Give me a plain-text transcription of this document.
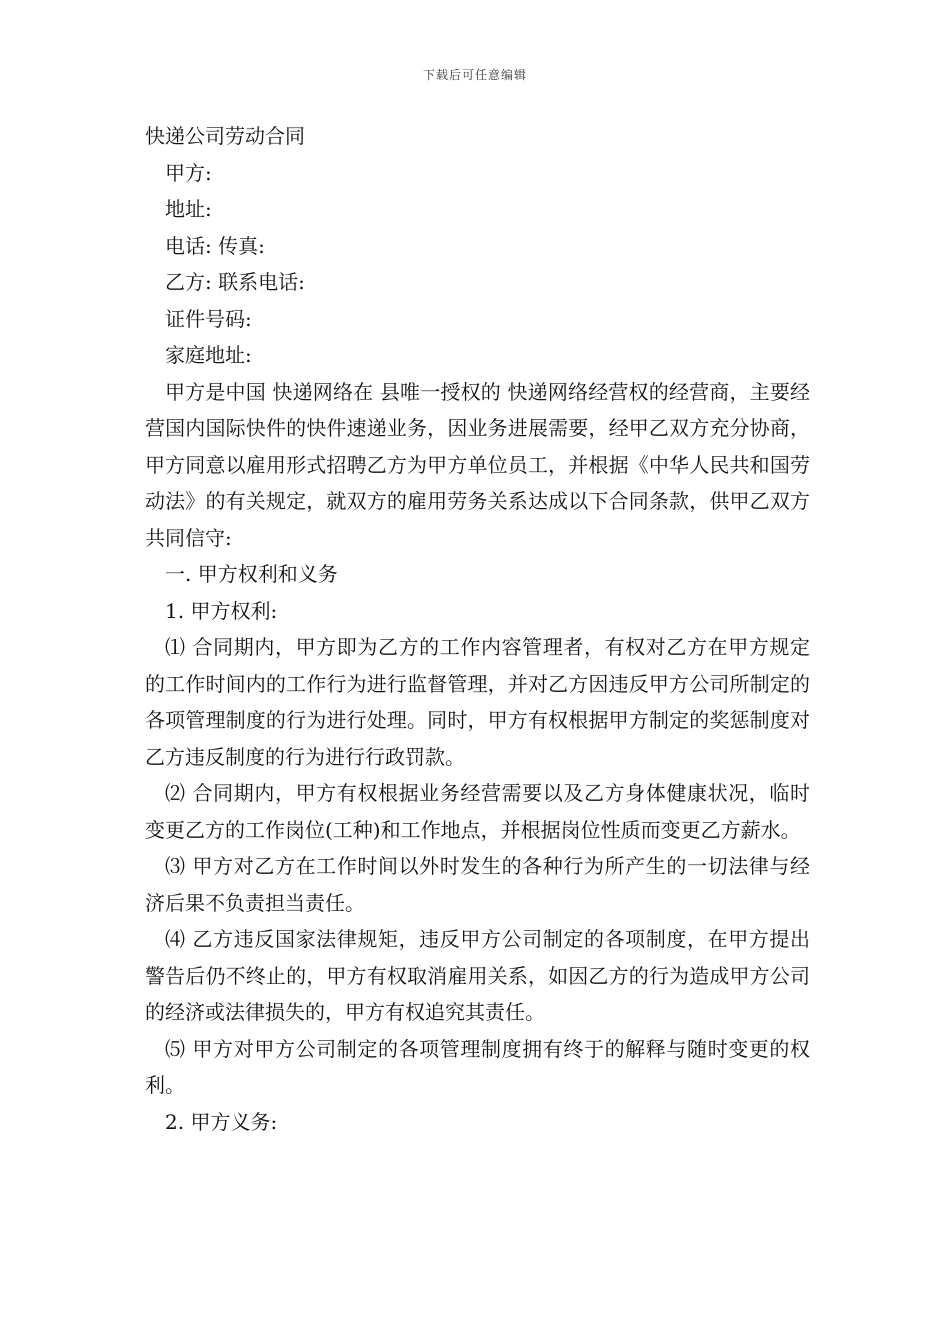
下载后可任意编辑

快递公司劳动合同

甲方:

地址:

电话: 传真:

乙方: 联系电话:

证件号码:

家庭地址:

甲方是中国 快递网络在 县唯一授权的 快递网络经营权的经营商，主要经营国内国际快件的快件速递业务，因业务进展需要，经甲乙双方充分协商，甲方同意以雇用形式招聘乙方为甲方单位员工，并根据《中华人民共和国劳动法》的有关规定，就双方的雇用劳务关系达成以下合同条款，供甲乙双方共同信守:

一. 甲方权利和义务

1. 甲方权利:

⑴ 合同期内，甲方即为乙方的工作内容管理者，有权对乙方在甲方规定的工作时间内的工作行为进行监督管理，并对乙方因违反甲方公司所制定的各项管理制度的行为进行处理。同时，甲方有权根据甲方制定的奖惩制度对乙方违反制度的行为进行行政罚款。

⑵ 合同期内，甲方有权根据业务经营需要以及乙方身体健康状况，临时变更乙方的工作岗位(工种)和工作地点，并根据岗位性质而变更乙方薪水。

⑶ 甲方对乙方在工作时间以外时发生的各种行为所产生的一切法律与经济后果不负责担当责任。

⑷ 乙方违反国家法律规矩，违反甲方公司制定的各项制度，在甲方提出警告后仍不终止的，甲方有权取消雇用关系，如因乙方的行为造成甲方公司的经济或法律损失的，甲方有权追究其责任。

⑸ 甲方对甲方公司制定的各项管理制度拥有终于的解释与随时变更的权利。

2. 甲方义务:
